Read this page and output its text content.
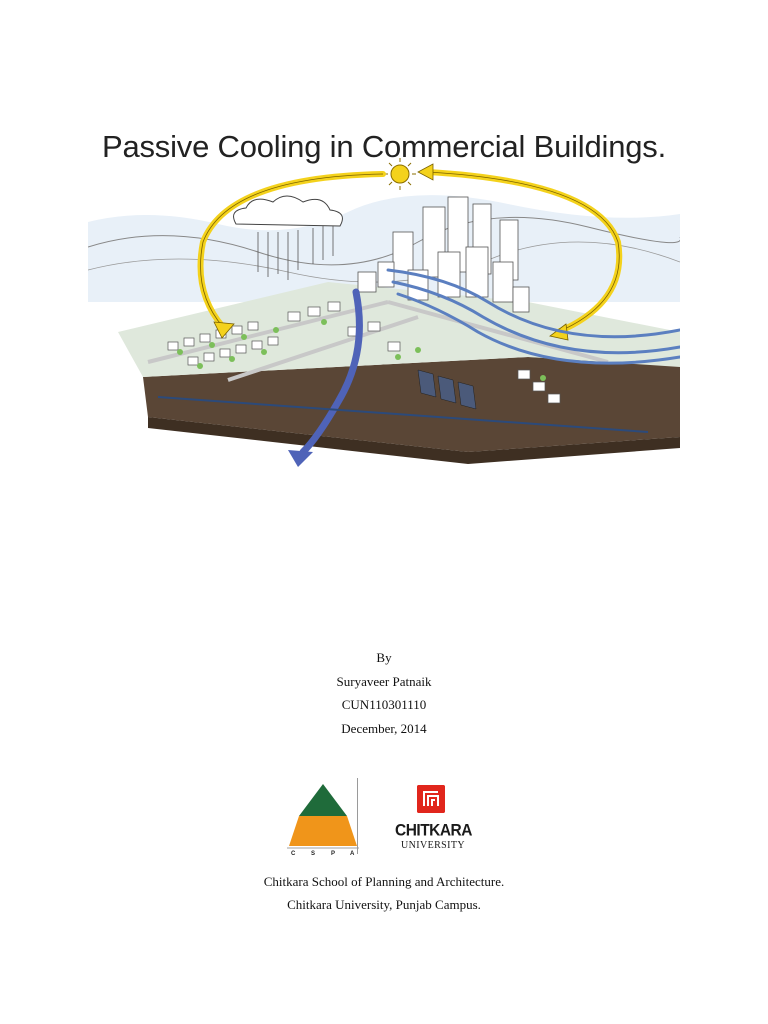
Passive Cooling in Commercial Buildings.
By
Suryaveer Patnaik
CUN110301110
December, 2014
C	S	P A
CHITKARA
UNIVERSITY
Chitkara School of Planning and Architecture.
Chitkara University, Punjab Campus.
